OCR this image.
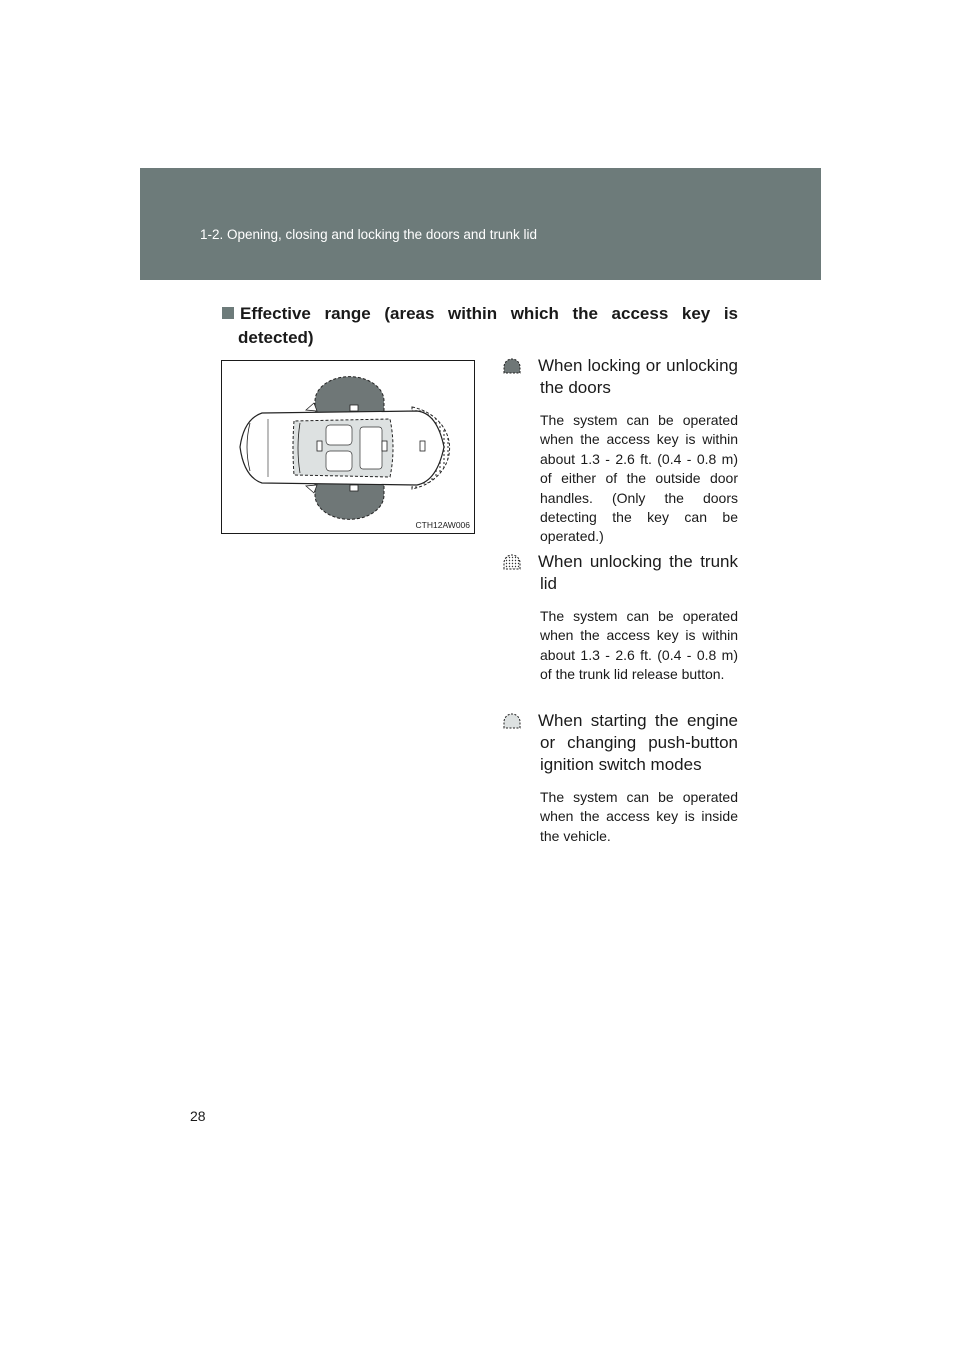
1-2. Opening, closing and locking the doors and trunk lid
Effective range (areas within which the access key is
detected)
CTH12AW006
When locking or unlocking
the doors
The system can be operated when the access key is within about 1.3 - 2.6 ft. (0.4 - 0.8 m) of either of the outside door handles. (Only the doors detecting the key can be operated.)
When unlocking the trunk
lid
The system can be operated when the access key is within about 1.3 - 2.6 ft. (0.4 - 0.8 m) of the trunk lid release button.
When starting the engine
or changing push-button ignition switch modes
The system can be operated when the access key is inside the vehicle.
28
